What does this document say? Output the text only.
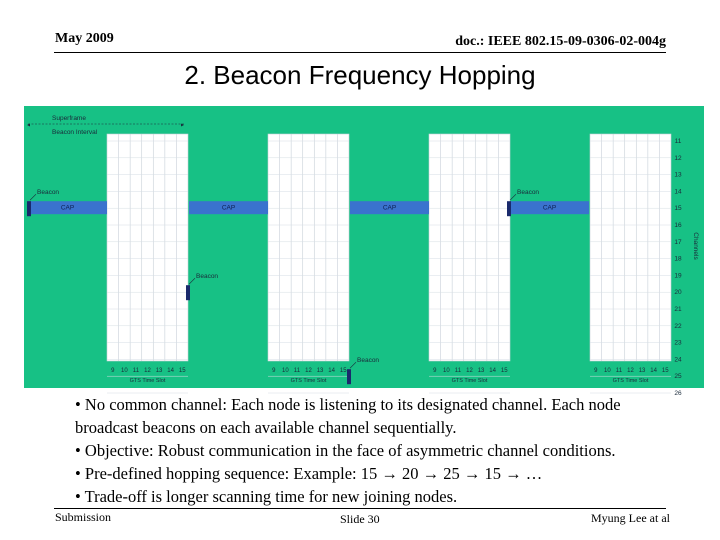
May 2009	doc.: IEEE 802.15-09-0306-02-004g
2. Beacon Frequency Hopping
9 10 11 12 13 14 15	9 10 11 12 13 14 15	9 10 11 12 13 14 15	9 10 11 12 13 14 15
GTS Time Slot	GTS Time Slot	GTS Time Slot	GTS Time Slot
CAP	CAP	CAP	CAP
Beacon
Beacon
Beacon
Beacon
11
12
13
14
15
16
17
18
19
20
21
22
23
24
25
26
Channels
Superframe
◂	▸
Beacon Interval

• No common channel: Each node is listening to its designated channel. Each node broadcast beacons on each available channel sequentially.

• Objective: Robust communication in the face of asymmetric channel conditions.

• Pre-defined hopping sequence: Example: 15 → 20 → 25 → 15 → …

• Trade-off is longer scanning time for new joining nodes.

Submission	Slide 30	Myung Lee at al
